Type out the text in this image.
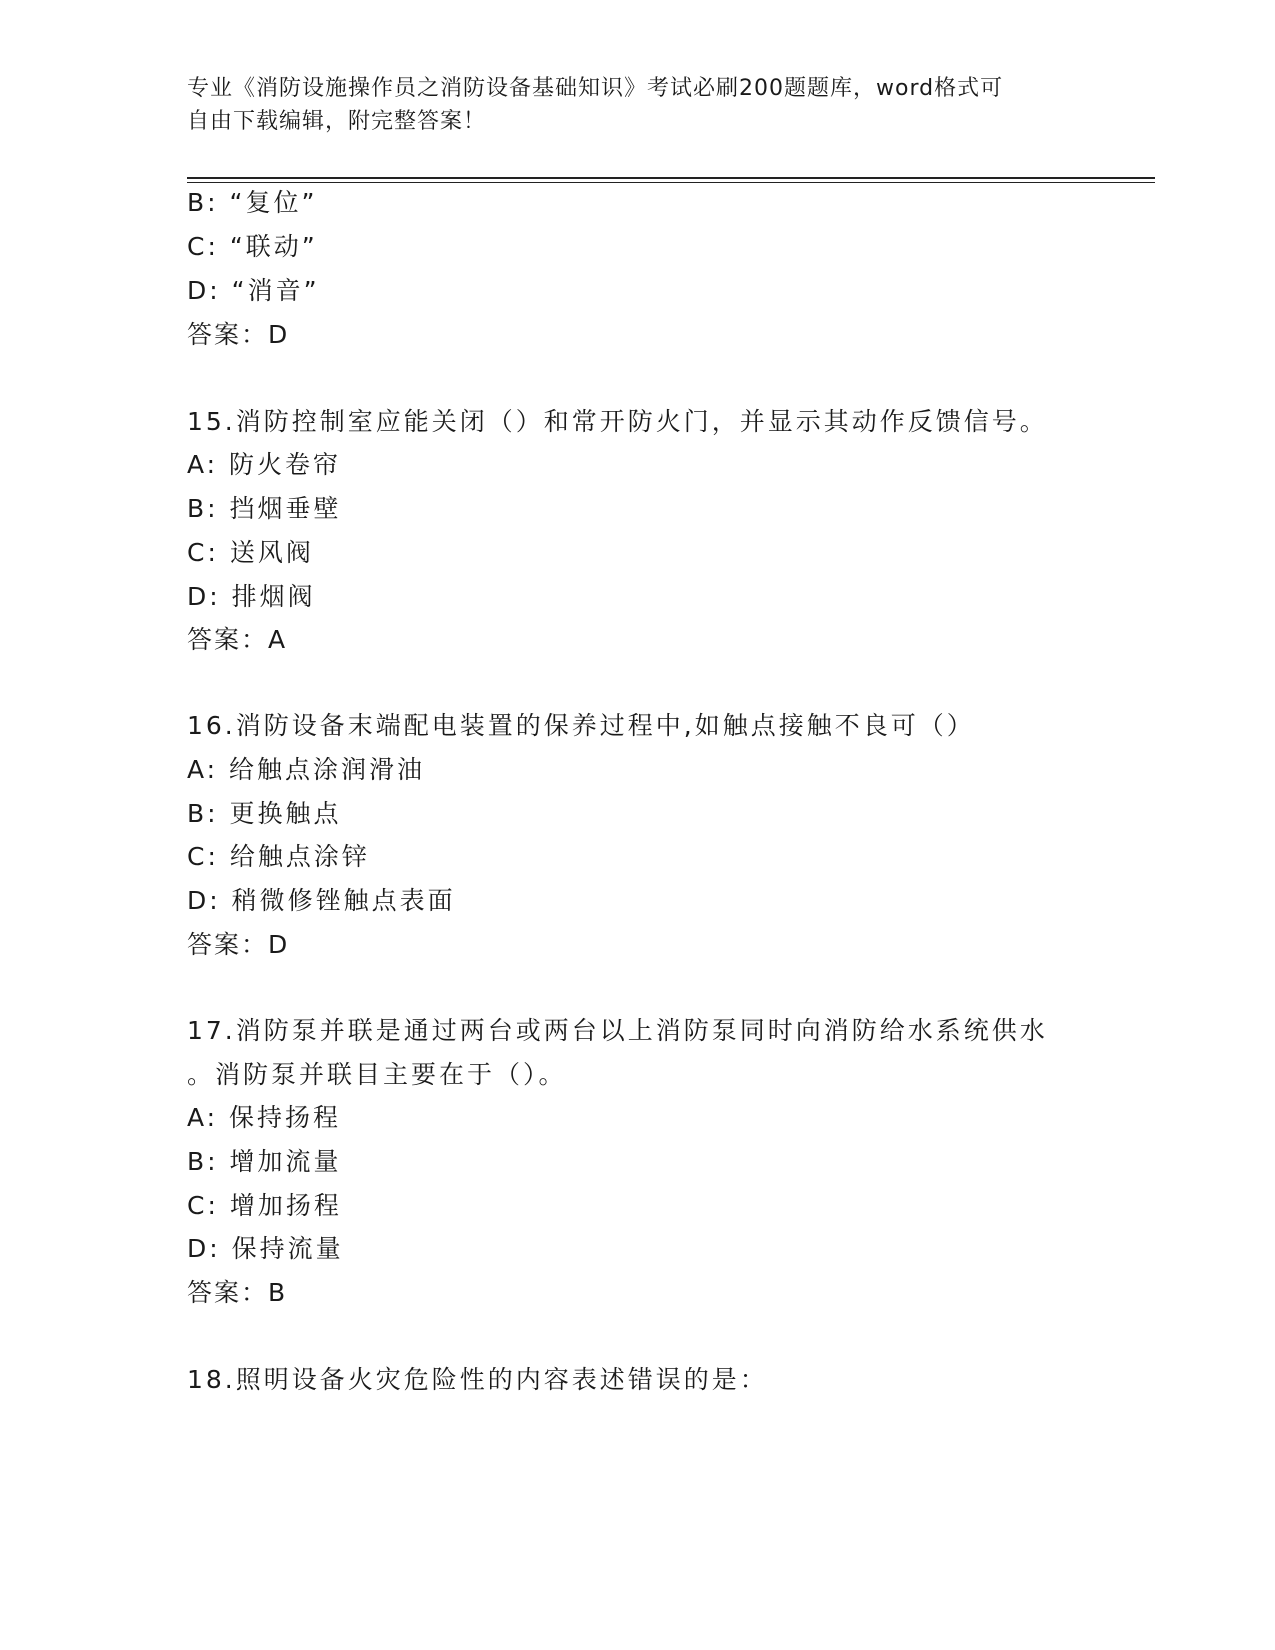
专业《消防设施操作员之消防设备基础知识》考试必刷200题题库，word格式可
自由下载编辑，附完整答案！
B: “复位”
C: “联动”
D: “消音”
答案：D
15.消防控制室应能关闭（）和常开防火门，并显示其动作反馈信号。
A: 防火卷帘
B: 挡烟垂壁
C: 送风阀
D: 排烟阀
答案：A
16.消防设备末端配电装置的保养过程中,如触点接触不良可（）
A: 给触点涂润滑油
B: 更换触点
C: 给触点涂锌
D: 稍微修锉触点表面
答案：D
17.消防泵并联是通过两台或两台以上消防泵同时向消防给水系统供水
。消防泵并联目主要在于（）。
A: 保持扬程
B: 增加流量
C: 增加扬程
D: 保持流量
答案：B
18.照明设备火灾危险性的内容表述错误的是：
